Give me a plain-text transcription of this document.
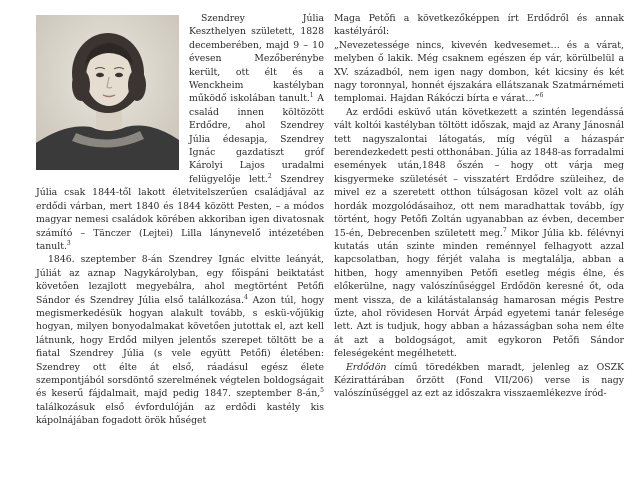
Szendrey Júlia Keszthelyen született, 1828 decemberében, majd 9 – 10 évesen Mezőberénybe került, ott élt és a Wenckheim kastélyban működő iskolában tanult.$^1$ A család innen költözött Erdődre, ahol Szendrey Júlia édesapja, Szendrey Ignác gazdatiszt gróf Károlyi Lajos uradalmi felügyelője lett.$^2$ Szendrey Júlia csak 1844-től lakott életvitelszerűen családjával az erdődi várban, mert 1840 és 1844 között Pesten, – a módos magyar nemesi családok körében akkoriban igen divatosnak számító – Tänczer (Lejtei) Lilla lánynevelő intézetében tanult.$^3$

1846. szeptember 8-án Szendrey Ignác elvitte leányát, Júliát az aznap Nagykárolyban, egy főispáni beiktatást követően lezajlott megyebálra, ahol megtörtént Petőfi Sándor és Szendrey Júlia első találkozása.$^4$ Azon túl, hogy megismerkedésük hogyan alakult tovább, s eskü-vőjükig hogyan, milyen bonyodalmakat követően jutottak el, azt kell látnunk, hogy Erdőd milyen jelentős szerepet töltött be a fiatal Szendrey Júlia (s vele együtt Petőfi) életében: Szendrey ott élte át első, ráadásul egész élete szempontjából sorsdöntő szerelmének végtelen boldogságait és keserű fájdalmait, majd pedig 1847. szeptember 8-án,$^5$ találkozásuk első évfordulóján az erdődi kastély kis kápolnájában fogadott örök hűséget

Maga Petőfi a következőképpen írt Erdődről és annak kastélyáról:

„Nevezetessége nincs, kivevén kedvesemet… és a várat, melyben ő lakik. Még csaknem egészen ép vár, körülbelül a XV. századból, nem igen nagy dombon, két kicsiny és két nagy toronnyal, honnét éjszakára ellátszanak Szatmárnémeti templomai. Hajdan Rákóczi bírta e várat…”$^6$

Az erdődi esküvő után következett a szintén legendássá vált koltói kastélyban töltött időszak, majd az Arany Jánosnál tett nagyszalontai látogatás, míg végül a házaspár berendezkedett pesti otthonában. Júlia az 1848-as forradalmi események után,1848 őszén – hogy ott várja meg kisgyermeke születését – visszatért Erdődre szüleihez, de mivel ez a szeretett otthon túlságosan közel volt az oláh hordák mozgolódásaihoz, ott nem maradhattak tovább, így történt, hogy Petőfi Zoltán ugyanabban az évben, december 15-én, Debrecenben született meg.$^7$ Mikor Júlia kb. félévnyi kutatás után szinte minden reménnyel felhagyott azzal kapcsolatban, hogy férjét valaha is megtalálja, abban a hitben, hogy amennyiben Petőfi esetleg mégis élne, és előkerülne, nagy valószínűséggel Erdődön keresné őt, oda ment vissza, de a kilátástalanság hamarosan mégis Pestre űzte, ahol rövidesen Horvát Árpád egyetemi tanár felesége lett. Azt is tudjuk, hogy abban a házasságban soha nem élte át azt a boldogságot, amit egykoron Petőfi Sándor feleségeként megélhetett.

Erdődön című töredékben maradt, jelenleg az OSZK Kézirattárában őrzött (Fond VII/206) verse is nagy valószínűséggel az ezt az időszakra visszaemlékezve íród-
